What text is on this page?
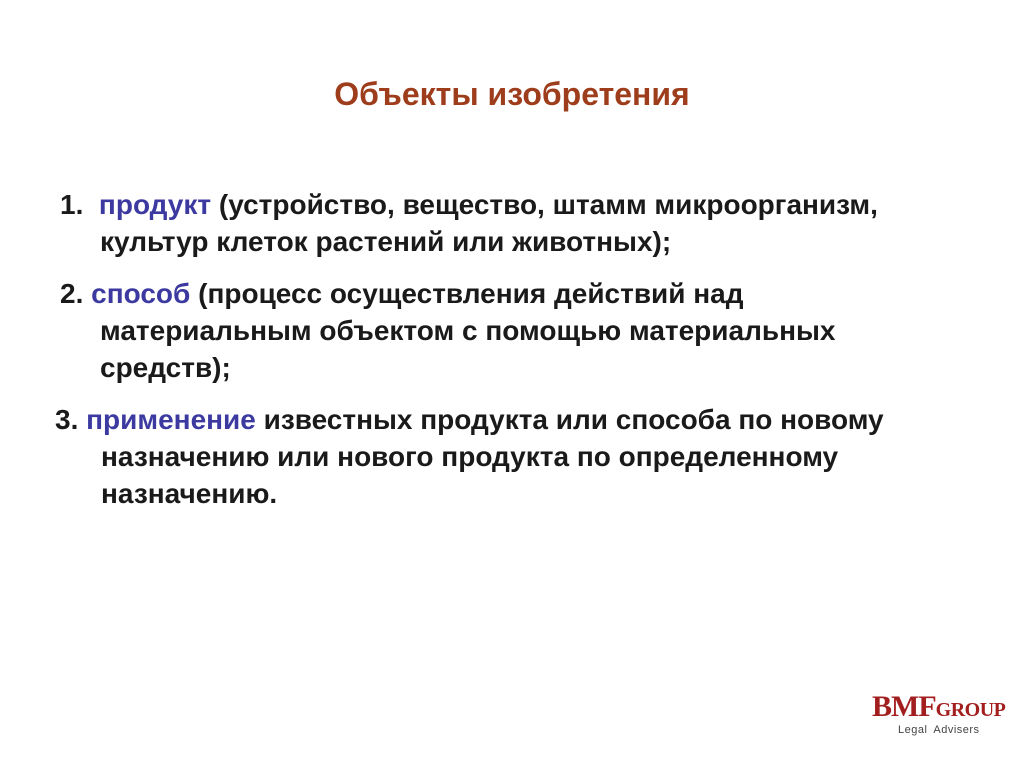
Объекты изобретения
1. продукт (устройство, вещество, штамм микроорганизм, культур клеток растений или животных);
2. способ (процесс осуществления действий над материальным объектом с помощью материальных средств);
3. применение известных продукта или способа по новому назначению или нового продукта по определенному назначению.
BMFGROUP
Legal Advisers
